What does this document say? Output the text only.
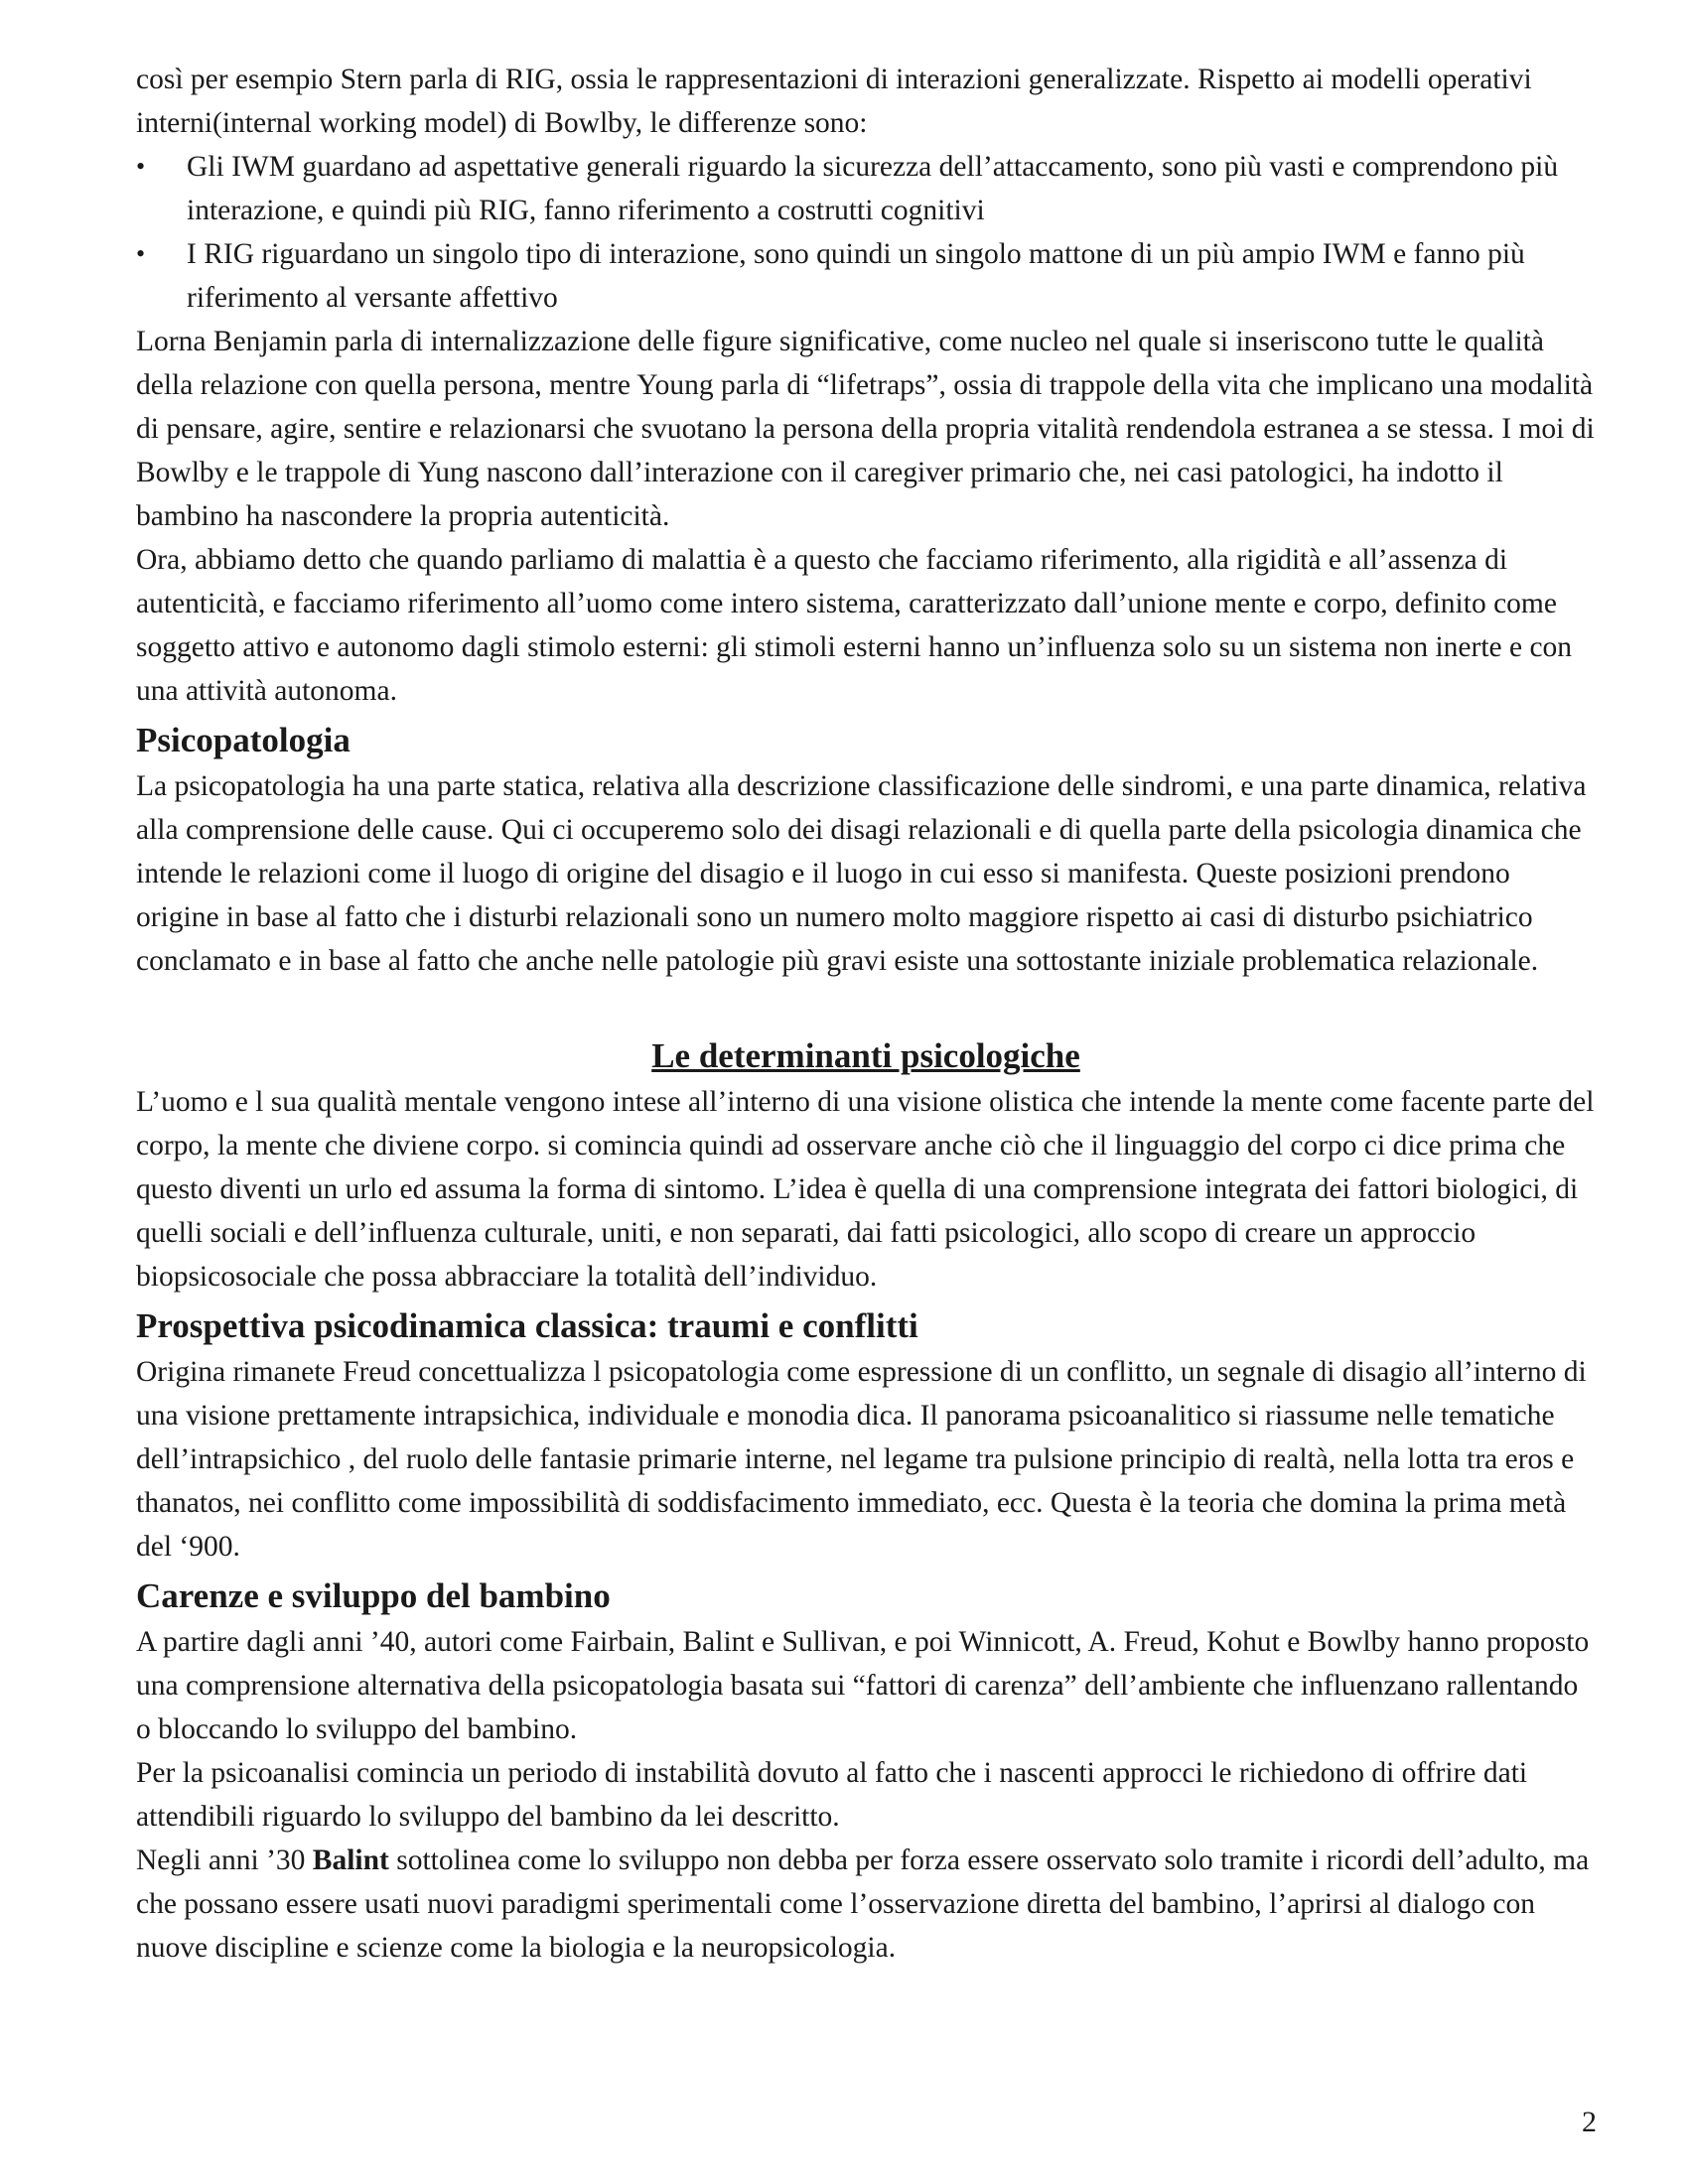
così per esempio Stern parla di RIG, ossia le rappresentazioni di interazioni generalizzate. Rispetto ai modelli operativi interni(internal working model) di Bowlby, le differenze sono:

• Gli IWM guardano ad aspettative generali riguardo la sicurezza dell’attaccamento, sono più vasti e comprendono più interazione, e quindi più RIG, fanno riferimento a costrutti cognitivi
• I RIG riguardano un singolo tipo di interazione, sono quindi un singolo mattone di un più ampio IWM e fanno più riferimento al versante affettivo

Lorna Benjamin parla di internalizzazione delle figure significative, come nucleo nel quale si inseriscono tutte le qualità della relazione con quella persona, mentre Young parla di “lifetraps”, ossia di trappole della vita che implicano una modalità di pensare, agire, sentire e relazionarsi che svuotano la persona della propria vitalità rendendola estranea a se stessa. I moi di Bowlby e le trappole di Yung nascono dall’interazione con il caregiver primario che, nei casi patologici, ha indotto il bambino ha nascondere la propria autenticità.

Ora, abbiamo detto che quando parliamo di malattia è a questo che facciamo riferimento, alla rigidità e all’assenza di autenticità, e facciamo riferimento all’uomo come intero sistema, caratterizzato dall’unione mente e corpo, definito come soggetto attivo e autonomo dagli stimolo esterni: gli stimoli esterni hanno un’influenza solo su un sistema non inerte e con una attività autonoma.

Psicopatologia

La psicopatologia ha una parte statica, relativa alla descrizione classificazione delle sindromi, e una parte dinamica, relativa alla comprensione delle cause. Qui ci occuperemo solo dei disagi relazionali e di quella parte della psicologia dinamica che intende le relazioni come il luogo di origine del disagio e il luogo in cui esso si manifesta. Queste posizioni prendono origine in base al fatto che i disturbi relazionali sono un numero molto maggiore rispetto ai casi di disturbo psichiatrico conclamato e in base al fatto che anche nelle patologie più gravi esiste una sottostante iniziale problematica relazionale.

Le determinanti psicologiche

L’uomo e l sua qualità mentale vengono intese all’interno di una visione olistica che intende la mente come facente parte del corpo, la mente che diviene corpo. si comincia quindi ad osservare anche ciò che il linguaggio del corpo ci dice prima che questo diventi un urlo ed assuma la forma di sintomo. L’idea è quella di una comprensione integrata dei fattori biologici, di quelli sociali e dell’influenza culturale, uniti, e non separati, dai fatti psicologici, allo scopo di creare un approccio biopsicosociale che possa abbracciare la totalità dell’individuo.

Prospettiva psicodinamica classica: traumi e conflitti

Origina rimanete Freud concettualizza l psicopatologia come espressione di un conflitto, un segnale di disagio all’interno di una visione prettamente intrapsichica, individuale e monodia dica. Il panorama psicoanalitico si riassume nelle tematiche dell’intrapsichico , del ruolo delle fantasie primarie interne, nel legame tra pulsione principio di realtà, nella lotta tra eros e thanatos, nei conflitto come impossibilità di soddisfacimento immediato, ecc. Questa è la teoria che domina la prima metà del ‘900.

Carenze e sviluppo del bambino

A partire dagli anni ’40, autori come Fairbain, Balint e Sullivan, e poi Winnicott, A. Freud, Kohut e Bowlby hanno proposto una comprensione alternativa della psicopatologia basata sui “fattori di carenza” dell’ambiente che influenzano rallentando o bloccando lo sviluppo del bambino.

Per la psicoanalisi comincia un periodo di instabilità dovuto al fatto che i nascenti approcci le richiedono di offrire dati attendibili riguardo lo sviluppo del bambino da lei descritto.

Negli anni ’30 Balint sottolinea come lo sviluppo non debba per forza essere osservato solo tramite i ricordi dell’adulto, ma che possano essere usati nuovi paradigmi sperimentali come l’osservazione diretta del bambino, l’aprirsi al dialogo con nuove discipline e scienze come la biologia e la neuropsicologia.

2
